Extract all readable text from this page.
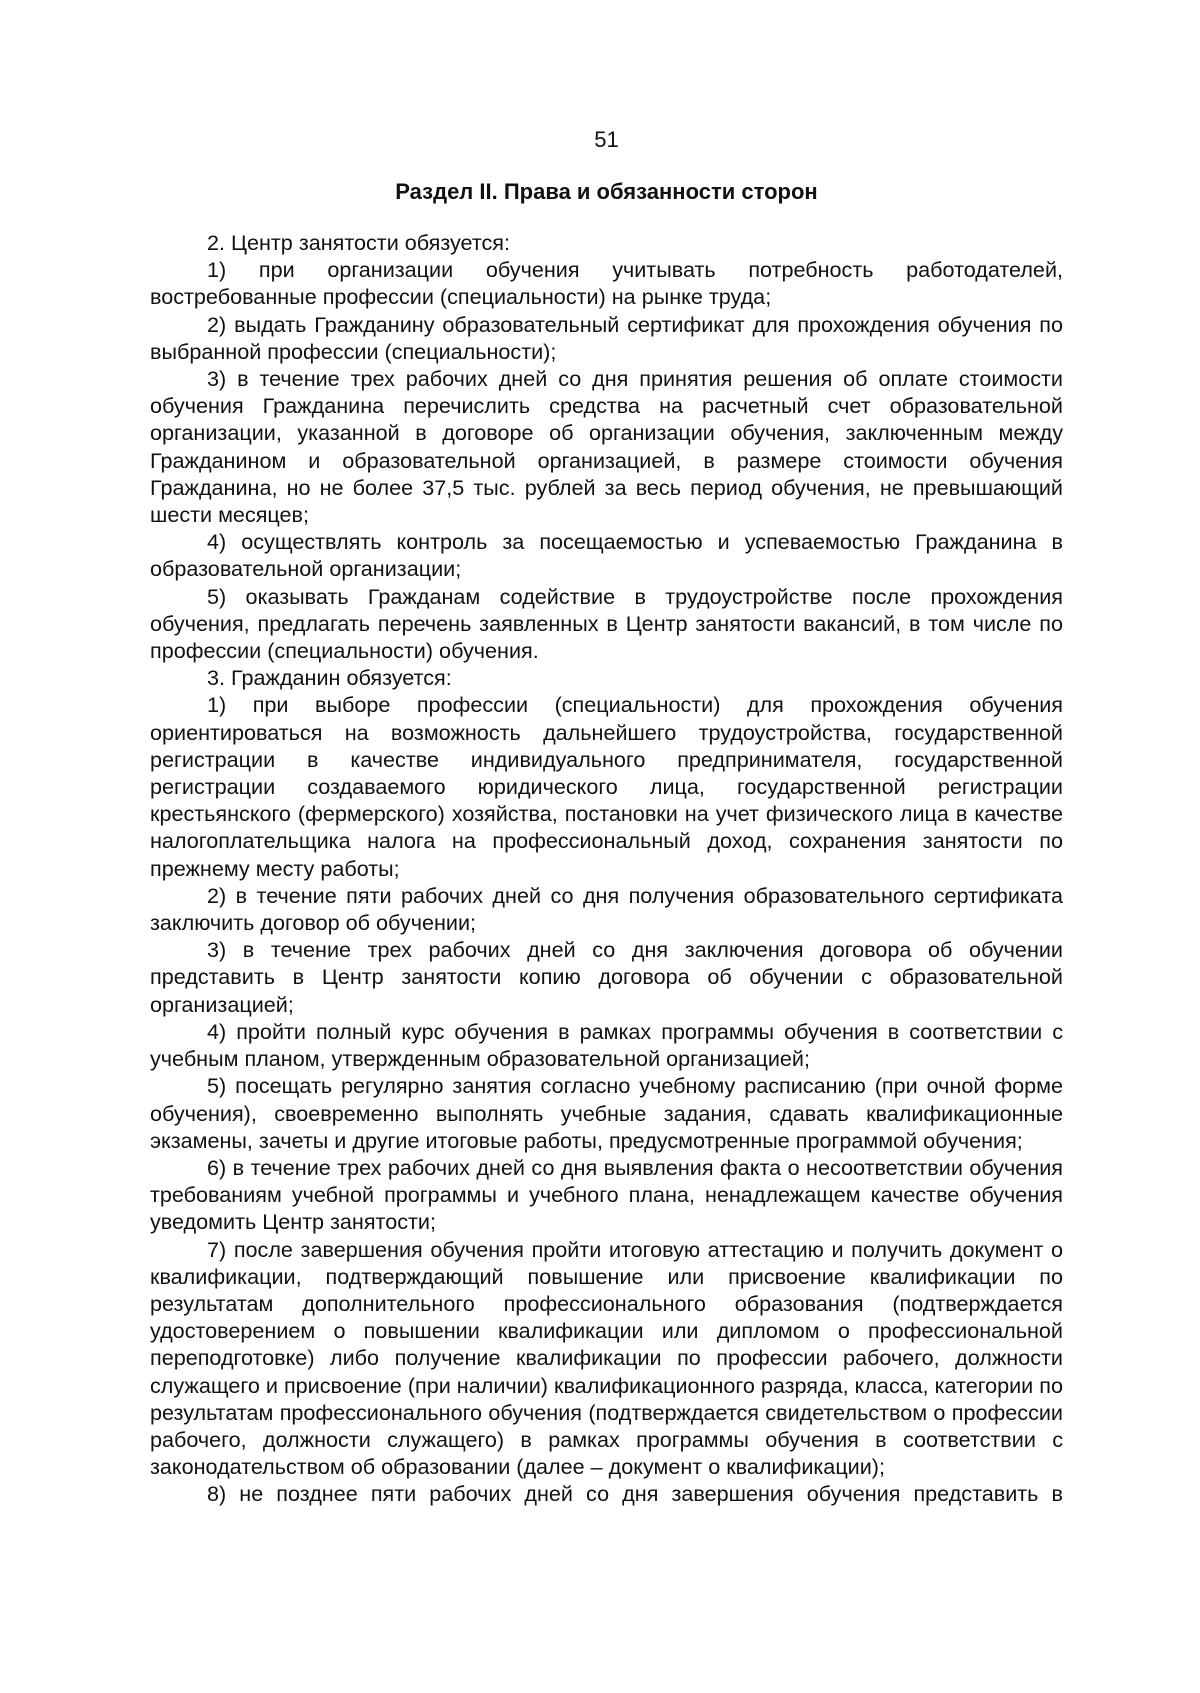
51
Раздел II. Права и обязанности сторон

2. Центр занятости обязуется:

1) при организации обучения учитывать потребность работодателей, востребованные профессии (специальности) на рынке труда;

2) выдать Гражданину образовательный сертификат для прохождения обучения по выбранной профессии (специальности);

3) в течение трех рабочих дней со дня принятия решения об оплате стоимости обучения Гражданина перечислить средства на расчетный счет образовательной организации, указанной в договоре об организации обучения, заключенным между Гражданином и образовательной организацией, в размере стоимости обучения Гражданина, но не более 37,5 тыс. рублей за весь период обучения, не превышающий шести месяцев;

4) осуществлять контроль за посещаемостью и успеваемостью Гражданина в образовательной организации;

5) оказывать Гражданам содействие в трудоустройстве после прохождения обучения, предлагать перечень заявленных в Центр занятости вакансий, в том числе по профессии (специальности) обучения.

3. Гражданин обязуется:

1) при выборе профессии (специальности) для прохождения обучения ориентироваться на возможность дальнейшего трудоустройства, государственной регистрации в качестве индивидуального предпринимателя, государственной регистрации создаваемого юридического лица, государственной регистрации крестьянского (фермерского) хозяйства, постановки на учет физического лица в качестве налогоплательщика налога на профессиональный доход, сохранения занятости по прежнему месту работы;

2) в течение пяти рабочих дней со дня получения образовательного сертификата заключить договор об обучении;

3) в течение трех рабочих дней со дня заключения договора об обучении представить в Центр занятости копию договора об обучении с образовательной организацией;

4) пройти полный курс обучения в рамках программы обучения в соответствии с учебным планом, утвержденным образовательной организацией;

5) посещать регулярно занятия согласно учебному расписанию (при очной форме обучения), своевременно выполнять учебные задания, сдавать квалификационные экзамены, зачеты и другие итоговые работы, предусмотренные программой обучения;

6) в течение трех рабочих дней со дня выявления факта о несоответствии обучения требованиям учебной программы и учебного плана, ненадлежащем качестве обучения уведомить Центр занятости;

7) после завершения обучения пройти итоговую аттестацию и получить документ о квалификации, подтверждающий повышение или присвоение квалификации по результатам дополнительного профессионального образования (подтверждается удостоверением о повышении квалификации или дипломом о профессиональной переподготовке) либо получение квалификации по профессии рабочего, должности служащего и присвоение (при наличии) квалификационного разряда, класса, категории по результатам профессионального обучения (подтверждается свидетельством о профессии рабочего, должности служащего) в рамках программы обучения в соответствии с законодательством об образовании (далее – документ о квалификации);

8) не позднее пяти рабочих дней со дня завершения обучения представить в
